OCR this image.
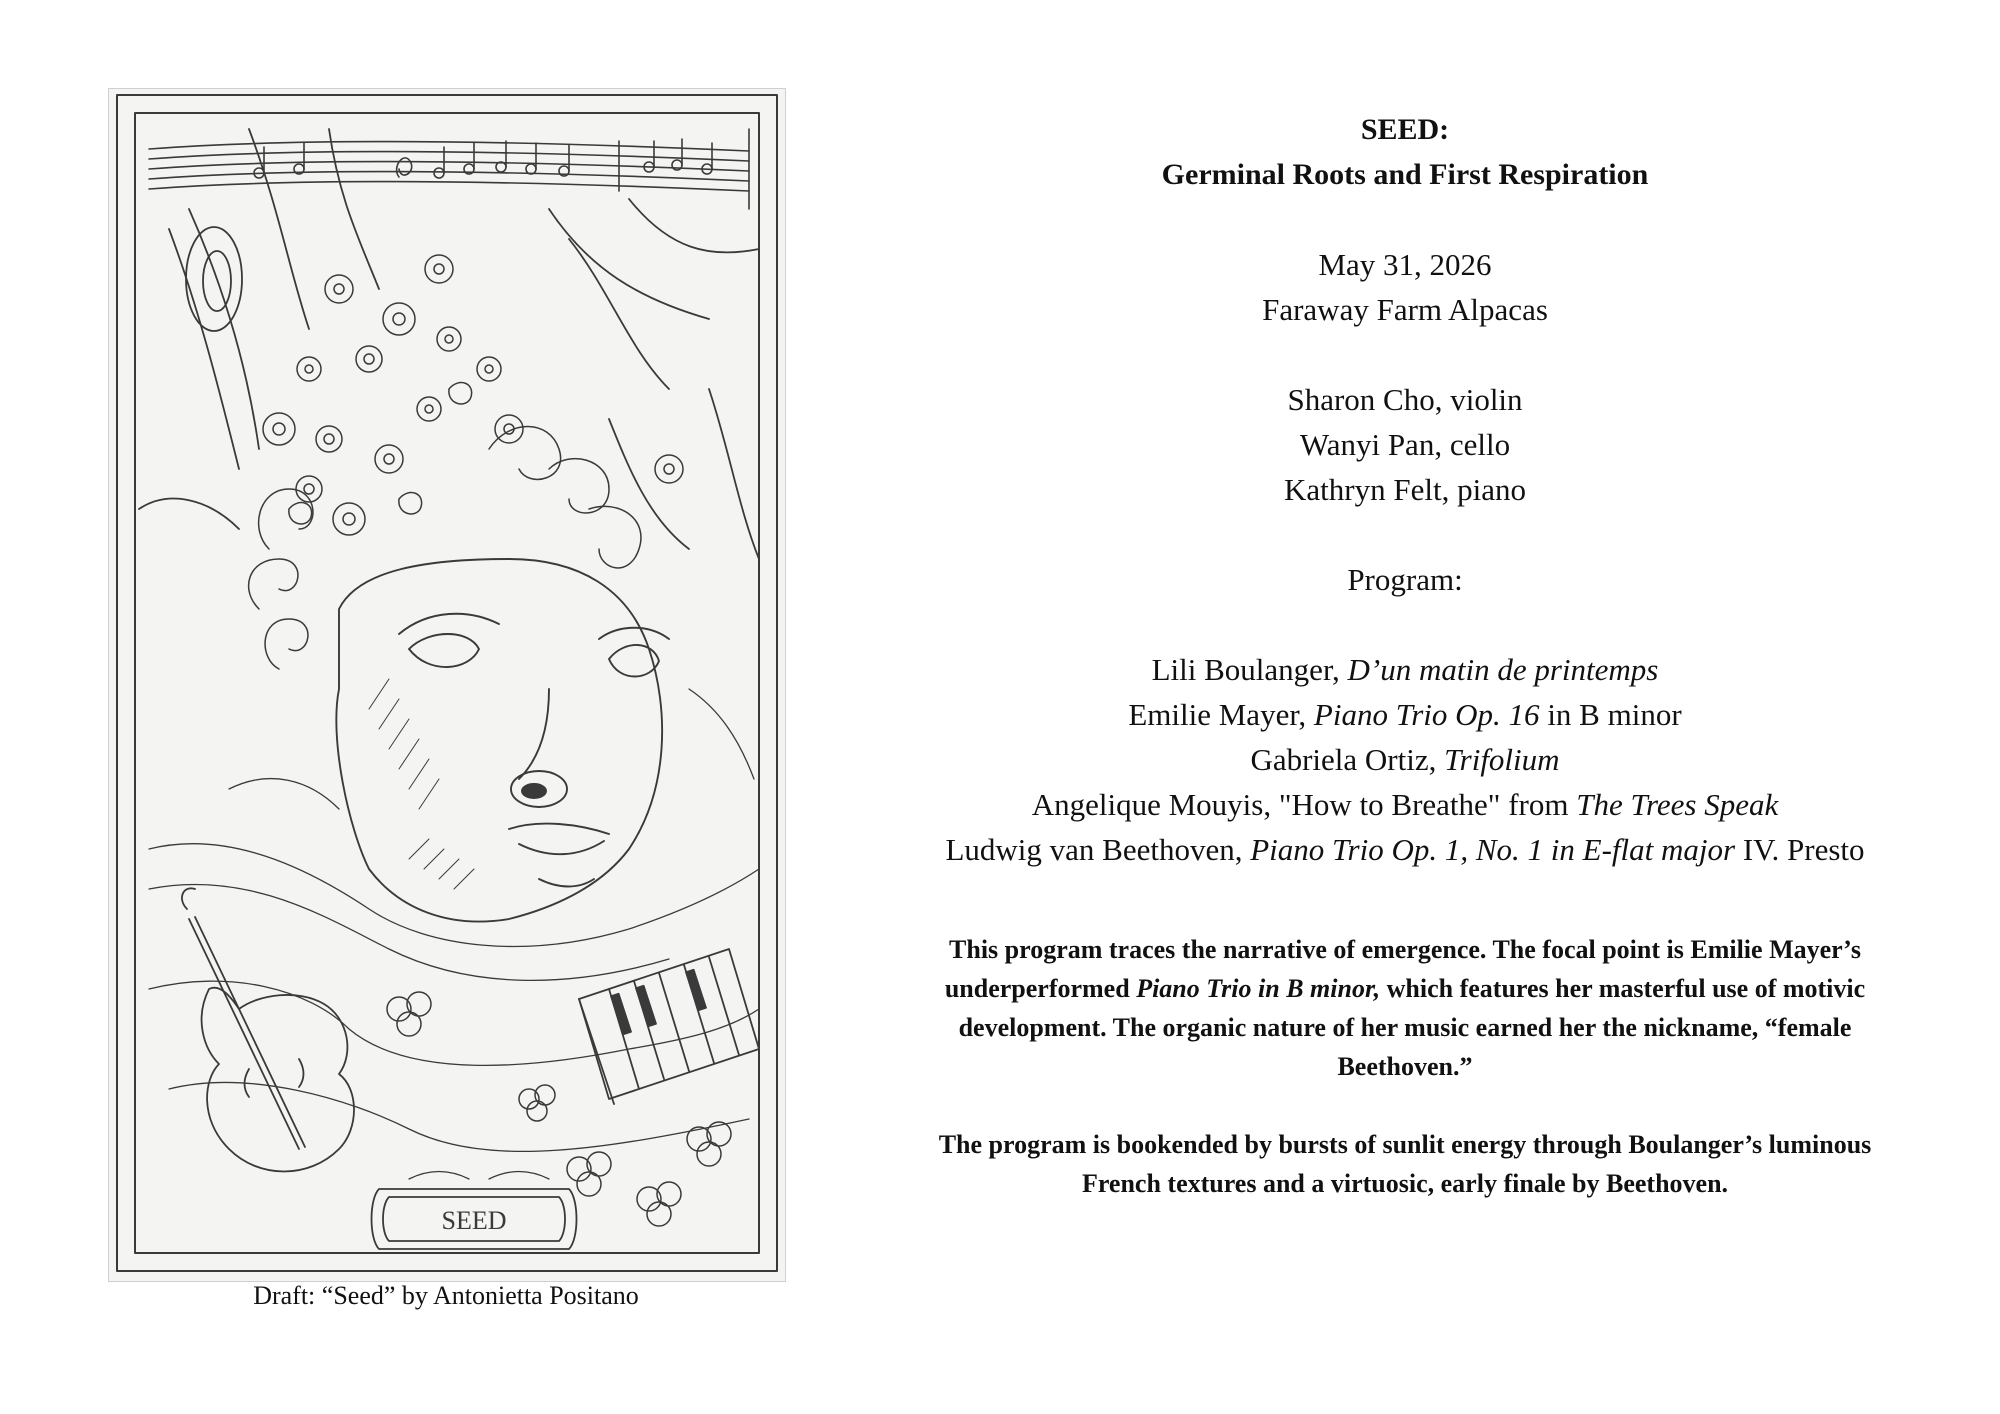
SEED
Draft: “Seed” by Antonietta Positano
SEED:
Germinal Roots and First Respiration
May 31, 2026
Faraway Farm Alpacas
Sharon Cho, violin
Wanyi Pan, cello
Kathryn Felt, piano
Program:
Lili Boulanger, D’un matin de printemps
Emilie Mayer, Piano Trio Op. 16 in B minor
Gabriela Ortiz, Trifolium
Angelique Mouyis, "How to Breathe" from The Trees Speak
Ludwig van Beethoven, Piano Trio Op. 1, No. 1 in E-flat major IV. Presto

This program traces the narrative of emergence. The focal point is Emilie Mayer’s underperformed Piano Trio in B minor, which features her masterful use of motivic development. The organic nature of her music earned her the nickname, “female Beethoven.”

The program is bookended by bursts of sunlit energy through Boulanger’s luminous French textures and a virtuosic, early finale by Beethoven.
